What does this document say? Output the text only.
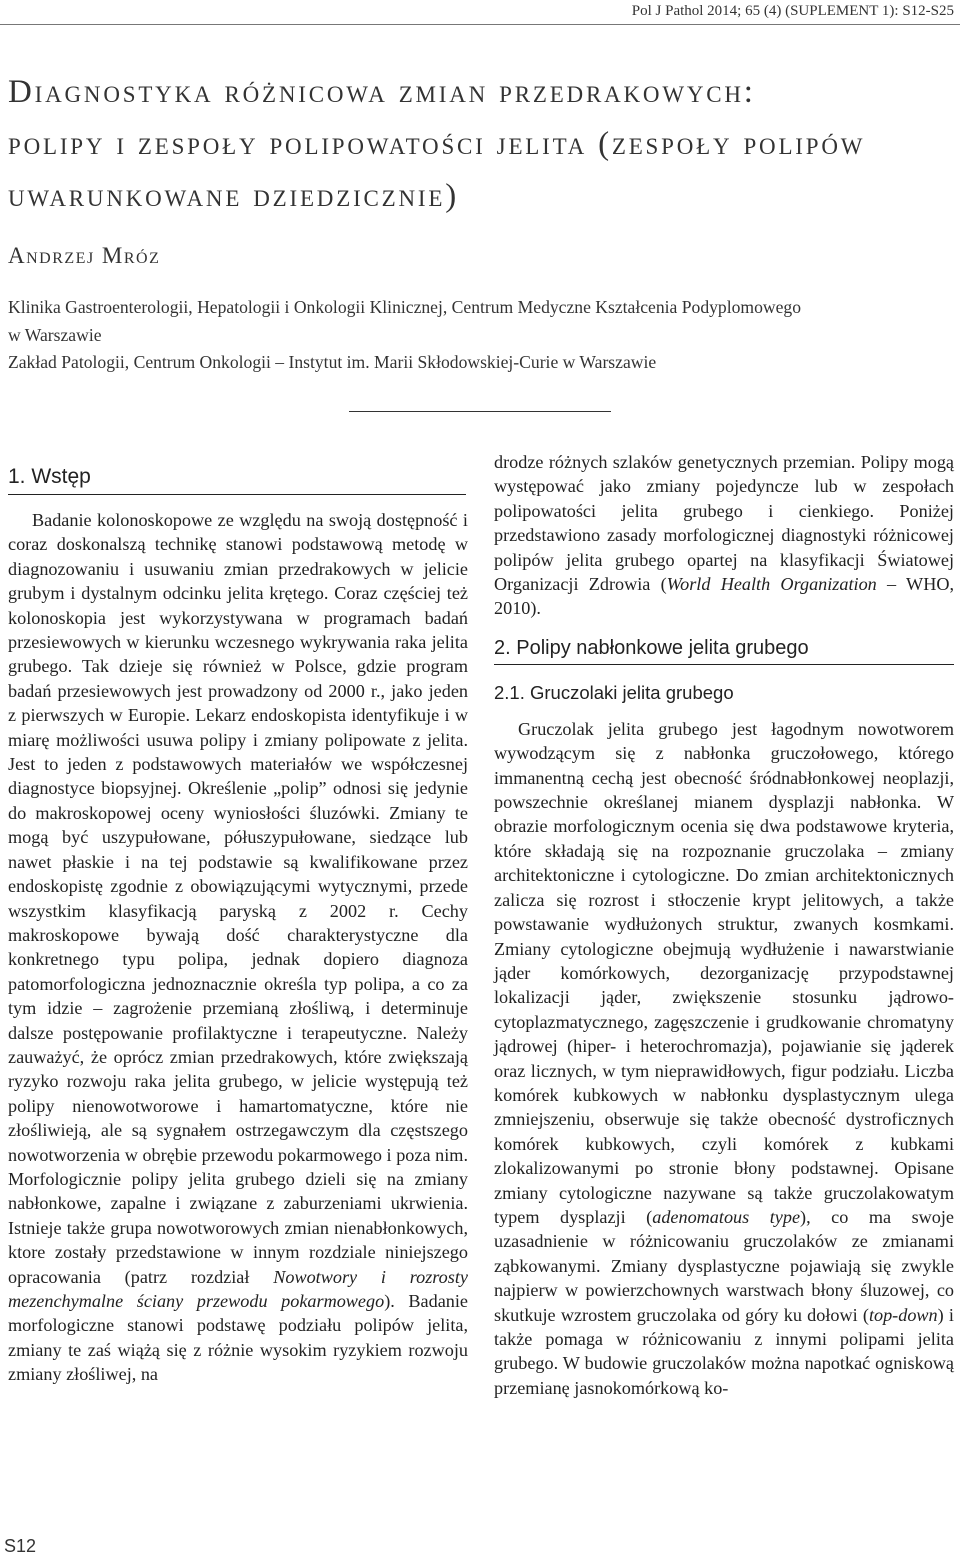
Pol J Pathol 2014; 65 (4) (SUPLEMENT 1): S12-S25
Diagnostyka różnicowa zmian przedrakowych:
polipy i zespoły polipowatości jelita (zespoły polipów
uwarunkowane dziedzicznie)
Andrzej Mróz
Klinika Gastroenterologii, Hepatologii i Onkologii Klinicznej, Centrum Medyczne Kształcenia Podyplomowego
w Warszawie
Zakład Patologii, Centrum Onkologii – Instytut im. Marii Skłodowskiej-Curie w Warszawie
1. Wstęp

Badanie kolonoskopowe ze względu na swoją dostępność i coraz doskonalszą technikę stanowi podstawową metodę w diagnozowaniu i usuwaniu zmian przedrakowych w jelicie grubym i dystalnym odcinku jelita krętego. Coraz częściej też kolonoskopia jest wykorzystywana w programach badań przesiewowych w kierunku wczesnego wykrywania raka jelita grubego. Tak dzieje się również w Polsce, gdzie program badań przesiewowych jest prowadzony od 2000 r., jako jeden z pierwszych w Europie. Lekarz endoskopista identyfikuje i w miarę możliwości usuwa polipy i zmiany polipowate z jelita. Jest to jeden z podstawowych materiałów we współczesnej diagnostyce biopsyjnej. Określenie „polip” odnosi się jedynie do makroskopowej oceny wyniosłości śluzówki. Zmiany te mogą być uszypułowane, półuszypułowane, siedzące lub nawet płaskie i na tej podstawie są kwalifikowane przez endoskopistę zgodnie z obowiązującymi wytycznymi, przede wszystkim klasyfikacją paryską z 2002 r. Cechy makroskopowe bywają dość charakterystyczne dla konkretnego typu polipa, jednak dopiero diagnoza patomorfologiczna jednoznacznie określa typ polipa, a co za tym idzie – zagrożenie przemianą złośliwą, i determinuje dalsze postępowanie profilaktyczne i terapeutyczne. Należy zauważyć, że oprócz zmian przedrakowych, które zwiększają ryzyko rozwoju raka jelita grubego, w jelicie występują też polipy nienowotworowe i hamartomatyczne, które nie złośliwieją, ale są sygnałem ostrzegawczym dla częstszego nowotworzenia w obrębie przewodu pokarmowego i poza nim. Morfologicznie polipy jelita grubego dzieli się na zmiany nabłonkowe, zapalne i związane z zaburzeniami ukrwienia. Istnieje także grupa nowotworowych zmian nienabłonkowych, ktore zostały przedstawione w innym rozdziale niniejszego opracowania (patrz rozdział Nowotwory i rozrosty mezenchymalne ściany przewodu pokarmowego). Badanie morfologiczne stanowi podstawę podziału polipów jelita, zmiany te zaś wiążą się z różnie wysokim ryzykiem rozwoju zmiany złośliwej, na

drodze różnych szlaków genetycznych przemian. Polipy mogą występować jako zmiany pojedyncze lub w zespołach polipowatości jelita grubego i cienkiego. Poniżej przedstawiono zasady morfologicznej diagnostyki różnicowej polipów jelita grubego opartej na klasyfikacji Światowej Organizacji Zdrowia (World Health Organization – WHO, 2010).

2. Polipy nabłonkowe jelita grubego
2.1. Gruczolaki jelita grubego

Gruczolak jelita grubego jest łagodnym nowotworem wywodzącym się z nabłonka gruczołowego, którego immanentną cechą jest obecność śródnabłonkowej neoplazji, powszechnie określanej mianem dysplazji nabłonka. W obrazie morfologicznym ocenia się dwa podstawowe kryteria, które składają się na rozpoznanie gruczolaka – zmiany architektoniczne i cytologiczne. Do zmian architektonicznych zalicza się rozrost i stłoczenie krypt jelitowych, a także powstawanie wydłużonych struktur, zwanych kosmkami. Zmiany cytologiczne obejmują wydłużenie i nawarstwianie jąder komórkowych, dezorganizację przypodstawnej lokalizacji jąder, zwiększenie stosunku jądrowo-cytoplazmatycznego, zagęszczenie i grudkowanie chromatyny jądrowej (hiper- i heterochromazja), pojawianie się jąderek oraz licznych, w tym nieprawidłowych, figur podziału. Liczba komórek kubkowych w nabłonku dysplastycznym ulega zmniejszeniu, obserwuje się także obecność dystroficznych komórek kubkowych, czyli komórek z kubkami zlokalizowanymi po stronie błony podstawnej. Opisane zmiany cytologiczne nazywane są także gruczolakowatym typem dysplazji (adenomatous type), co ma swoje uzasadnienie w różnicowaniu gruczolaków ze zmianami ząbkowanymi. Zmiany dysplastyczne pojawiają się zwykle najpierw w powierzchownych warstwach błony śluzowej, co skutkuje wzrostem gruczolaka od góry ku dołowi (top-down) i także pomaga w różnicowaniu z innymi polipami jelita grubego. W budowie gruczolaków można napotkać ogniskową przemianę jasnokomórkową ko-

S12
